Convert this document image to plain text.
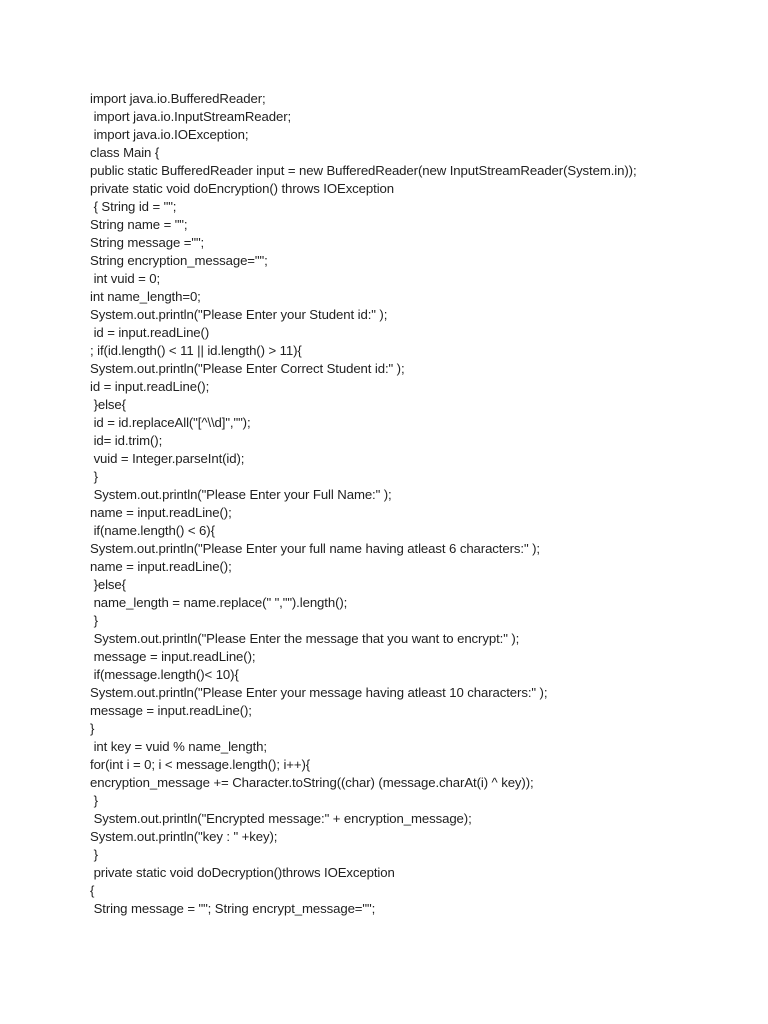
import java.io.BufferedReader;
import java.io.InputStreamReader;
import java.io.IOException;
class Main {
public static BufferedReader input = new BufferedReader(new InputStreamReader(System.in));
private static void doEncryption() throws IOException
{ String id = "";
String name = "";
String message ="";
String encryption_message="";
int vuid = 0;
int name_length=0;
System.out.println("Please Enter your Student id:" );
id = input.readLine()
; if(id.length() < 11 || id.length() > 11){
System.out.println("Please Enter Correct Student id:" );
id = input.readLine();
}else{
id = id.replaceAll("[^\\d]","");
id= id.trim();
vuid = Integer.parseInt(id);
}
System.out.println("Please Enter your Full Name:" );
name = input.readLine();
if(name.length() < 6){
System.out.println("Please Enter your full name having atleast 6 characters:" );
name = input.readLine();
}else{
name_length = name.replace(" ","").length();
}
System.out.println("Please Enter the message that you want to encrypt:" );
message = input.readLine();
if(message.length()< 10){
System.out.println("Please Enter your message having atleast 10 characters:" );
message = input.readLine();
}
int key = vuid % name_length;
for(int i = 0; i < message.length(); i++){
encryption_message += Character.toString((char) (message.charAt(i) ^ key));
}
System.out.println("Encrypted message:" + encryption_message);
System.out.println("key : " +key);
}
private static void doDecryption()throws IOException
{
String message = ""; String encrypt_message="";
